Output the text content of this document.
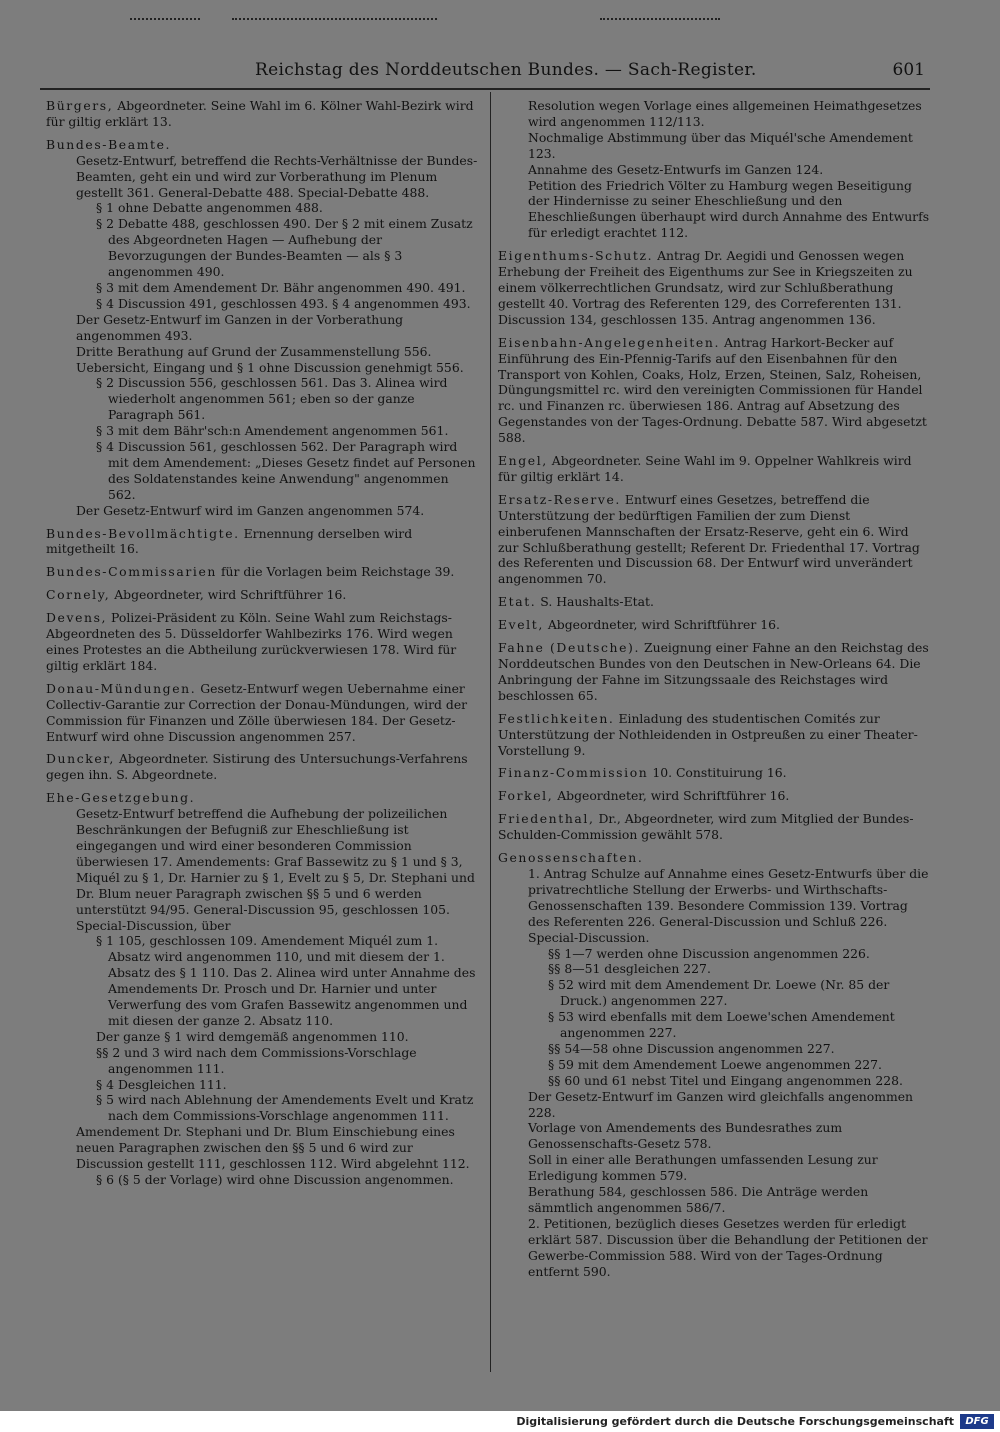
Reichstag des Norddeutschen Bundes. — Sach-Register.	601
Bürgers, Abgeordneter. Seine Wahl im 6. Kölner Wahl-Bezirk wird für giltig erklärt 13.
Bundes-Beamte.
Gesetz-Entwurf, betreffend die Rechts-Verhältnisse der Bundes-Beamten, geht ein und wird zur Vorberathung im Plenum gestellt 361. General-Debatte 488. Special-Debatte 488.
§ 1 ohne Debatte angenommen 488.
§ 2 Debatte 488, geschlossen 490. Der § 2 mit einem Zusatz des Abgeordneten Hagen — Aufhebung der Bevorzugungen der Bundes-Beamten — als § 3 angenommen 490.
§ 3 mit dem Amendement Dr. Bähr angenommen 490. 491.
§ 4 Discussion 491, geschlossen 493. § 4 angenommen 493.
Der Gesetz-Entwurf im Ganzen in der Vorberathung angenommen 493.
Dritte Berathung auf Grund der Zusammenstellung 556.
Uebersicht, Eingang und § 1 ohne Discussion genehmigt 556.
§ 2 Discussion 556, geschlossen 561. Das 3. Alinea wird wiederholt angenommen 561; eben so der ganze Paragraph 561.
§ 3 mit dem Bähr'sch:n Amendement angenommen 561.
§ 4 Discussion 561, geschlossen 562. Der Paragraph wird mit dem Amendement: „Dieses Gesetz findet auf Personen des Soldatenstandes keine Anwendung" angenommen 562.
Der Gesetz-Entwurf wird im Ganzen angenommen 574.
Bundes-Bevollmächtigte. Ernennung derselben wird mitgetheilt 16.
Bundes-Commissarien für die Vorlagen beim Reichstage 39.
Cornely, Abgeordneter, wird Schriftführer 16.
Devens, Polizei-Präsident zu Köln. Seine Wahl zum Reichstags-Abgeordneten des 5. Düsseldorfer Wahlbezirks 176. Wird wegen eines Protestes an die Abtheilung zurückverwiesen 178. Wird für giltig erklärt 184.
Donau-Mündungen. Gesetz-Entwurf wegen Uebernahme einer Collectiv-Garantie zur Correction der Donau-Mündungen, wird der Commission für Finanzen und Zölle überwiesen 184. Der Gesetz-Entwurf wird ohne Discussion angenommen 257.
Duncker, Abgeordneter. Sistirung des Untersuchungs-Verfahrens gegen ihn. S. Abgeordnete.
Ehe-Gesetzgebung.
Gesetz-Entwurf betreffend die Aufhebung der polizeilichen Beschränkungen der Befugniß zur Eheschließung ist eingegangen und wird einer besonderen Commission überwiesen 17. Amendements: Graf Bassewitz zu § 1 und § 3, Miquél zu § 1, Dr. Harnier zu § 1, Evelt zu § 5, Dr. Stephani und Dr. Blum neuer Paragraph zwischen §§ 5 und 6 werden unterstützt 94/95. General-Discussion 95, geschlossen 105. Special-Discussion, über
§ 1 105, geschlossen 109. Amendement Miquél zum 1. Absatz wird angenommen 110, und mit diesem der 1. Absatz des § 1 110. Das 2. Alinea wird unter Annahme des Amendements Dr. Prosch und Dr. Harnier und unter Verwerfung des vom Grafen Bassewitz angenommen und mit diesen der ganze 2. Absatz 110.
Der ganze § 1 wird demgemäß angenommen 110.
§§ 2 und 3 wird nach dem Commissions-Vorschlage angenommen 111.
§ 4 Desgleichen 111.
§ 5 wird nach Ablehnung der Amendements Evelt und Kratz nach dem Commissions-Vorschlage angenommen 111.
Amendement Dr. Stephani und Dr. Blum Einschiebung eines neuen Paragraphen zwischen den §§ 5 und 6 wird zur Discussion gestellt 111, geschlossen 112. Wird abgelehnt 112.
§ 6 (§ 5 der Vorlage) wird ohne Discussion angenommen.
Resolution wegen Vorlage eines allgemeinen Heimathgesetzes wird angenommen 112/113.
Nochmalige Abstimmung über das Miquél'sche Amendement 123.
Annahme des Gesetz-Entwurfs im Ganzen 124.
Petition des Friedrich Völter zu Hamburg wegen Beseitigung der Hindernisse zu seiner Eheschließung und den Eheschließungen überhaupt wird durch Annahme des Entwurfs für erledigt erachtet 112.
Eigenthums-Schutz. Antrag Dr. Aegidi und Genossen wegen Erhebung der Freiheit des Eigenthums zur See in Kriegszeiten zu einem völkerrechtlichen Grundsatz, wird zur Schlußberathung gestellt 40. Vortrag des Referenten 129, des Correferenten 131. Discussion 134, geschlossen 135. Antrag angenommen 136.
Eisenbahn-Angelegenheiten. Antrag Harkort-Becker auf Einführung des Ein-Pfennig-Tarifs auf den Eisenbahnen für den Transport von Kohlen, Coaks, Holz, Erzen, Steinen, Salz, Roheisen, Düngungsmittel rc. wird den vereinigten Commissionen für Handel rc. und Finanzen rc. überwiesen 186. Antrag auf Absetzung des Gegenstandes von der Tages-Ordnung. Debatte 587. Wird abgesetzt 588.
Engel, Abgeordneter. Seine Wahl im 9. Oppelner Wahlkreis wird für giltig erklärt 14.
Ersatz-Reserve. Entwurf eines Gesetzes, betreffend die Unterstützung der bedürftigen Familien der zum Dienst einberufenen Mannschaften der Ersatz-Reserve, geht ein 6. Wird zur Schlußberathung gestellt; Referent Dr. Friedenthal 17. Vortrag des Referenten und Discussion 68. Der Entwurf wird unverändert angenommen 70.
Etat. S. Haushalts-Etat.
Evelt, Abgeordneter, wird Schriftführer 16.
Fahne (Deutsche). Zueignung einer Fahne an den Reichstag des Norddeutschen Bundes von den Deutschen in New-Orleans 64. Die Anbringung der Fahne im Sitzungssaale des Reichstages wird beschlossen 65.
Festlichkeiten. Einladung des studentischen Comités zur Unterstützung der Nothleidenden in Ostpreußen zu einer Theater-Vorstellung 9.
Finanz-Commission 10. Constituirung 16.
Forkel, Abgeordneter, wird Schriftführer 16.
Friedenthal, Dr., Abgeordneter, wird zum Mitglied der Bundes-Schulden-Commission gewählt 578.
Genossenschaften.
1. Antrag Schulze auf Annahme eines Gesetz-Entwurfs über die privatrechtliche Stellung der Erwerbs- und Wirthschafts-Genossenschaften 139. Besondere Commission 139. Vortrag des Referenten 226. General-Discussion und Schluß 226. Special-Discussion.
§§ 1—7 werden ohne Discussion angenommen 226.
§§ 8—51 desgleichen 227.
§ 52 wird mit dem Amendement Dr. Loewe (Nr. 85 der Druck.) angenommen 227.
§ 53 wird ebenfalls mit dem Loewe'schen Amendement angenommen 227.
§§ 54—58 ohne Discussion angenommen 227.
§ 59 mit dem Amendement Loewe angenommen 227.
§§ 60 und 61 nebst Titel und Eingang angenommen 228.
Der Gesetz-Entwurf im Ganzen wird gleichfalls angenommen 228.
Vorlage von Amendements des Bundesrathes zum Genossenschafts-Gesetz 578.
Soll in einer alle Berathungen umfassenden Lesung zur Erledigung kommen 579.
Berathung 584, geschlossen 586. Die Anträge werden sämmtlich angenommen 586/7.
2. Petitionen, bezüglich dieses Gesetzes werden für erledigt erklärt 587. Discussion über die Behandlung der Petitionen der Gewerbe-Commission 588. Wird von der Tages-Ordnung entfernt 590.
Digitalisierung gefördert durch die Deutsche Forschungsgemeinschaft	DFG
